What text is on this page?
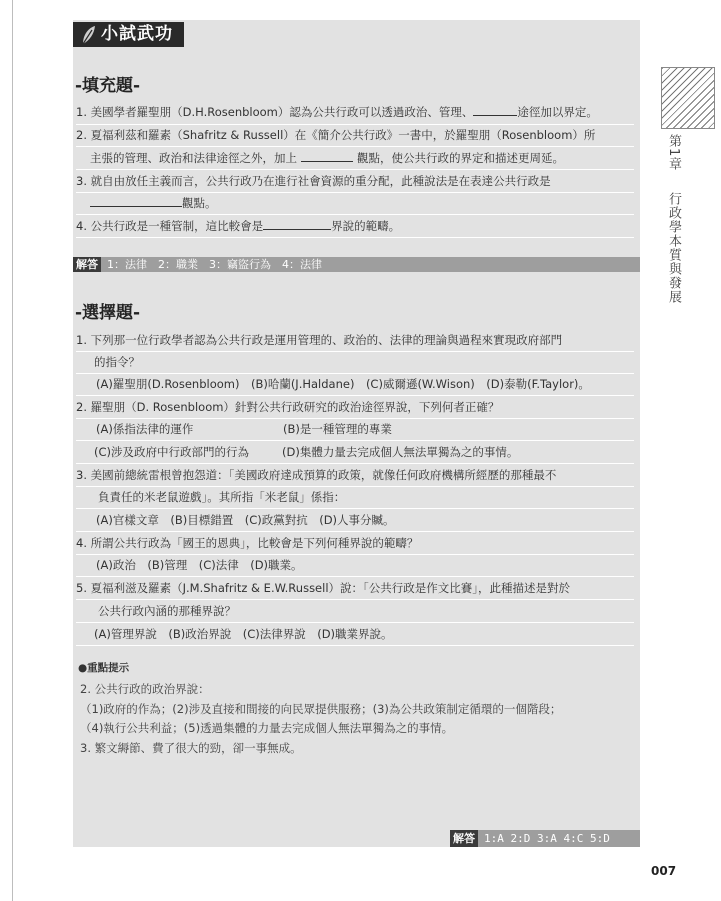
小試武功
-填充題-
1. 美國學者羅聖朋（D.H.Rosenbloom）認為公共行政可以透過政治、管理、	途徑加以界定。
2. 夏福利茲和羅素（Shafritz & Russell）在《簡介公共行政》一書中，於羅聖朋（Rosenbloom）所
主張的管理、政治和法律途徑之外，加上	觀點，使公共行政的界定和描述更周延。
3. 就自由放任主義而言，公共行政乃在進行社會資源的重分配，此種說法是在表達公共行政是
觀點。
4. 公共行政是一種管制，這比較會是	界說的範疇。
解答 1：法律　2：職業　3：竊盜行為　4：法律
-選擇題-
1. 下列那一位行政學者認為公共行政是運用管理的、政治的、法律的理論與過程來實現政府部門
的指令？
(A)羅聖朋(D.Rosenbloom)　(B)哈蘭(J.Haldane)　(C)威爾遜(W.Wison)　(D)泰勒(F.Taylor)。
2. 羅聖朋（D. Rosenbloom）針對公共行政研究的政治途徑界說，下列何者正確？
(A)係指法律的運作	(B)是一種管理的專業
(C)涉及政府中行政部門的行為	(D)集體力量去完成個人無法單獨為之的事情。
3. 美國前總統雷根曾抱怨道：「美國政府達成預算的政策，就像任何政府機構所經歷的那種最不
負責任的米老鼠遊戲」。其所指「米老鼠」係指：
(A)官樣文章　(B)目標錯置　(C)政黨對抗　(D)人事分贓。
4. 所謂公共行政為「國王的恩典」，比較會是下列何種界說的範疇？
(A)政治　(B)管理　(C)法律　(D)職業。
5. 夏福利滋及羅素（J.M.Shafritz & E.W.Russell）說：「公共行政是作文比賽」，此種描述是對於
公共行政內涵的那種界說？
(A)管理界說　(B)政治界說　(C)法律界說　(D)職業界說。
●重點提示
2. 公共行政的政治界說：
（1)政府的作為；(2)涉及直接和間接的向民眾提供服務；(3)為公共政策制定循環的一個階段；
（4)執行公共利益；(5)透過集體的力量去完成個人無法單獨為之的事情。
3. 繁文縟節、費了很大的勁，卻一事無成。
解答 1:A 2:D 3:A 4:C 5:D
第1章
行政學本質與發展
007
